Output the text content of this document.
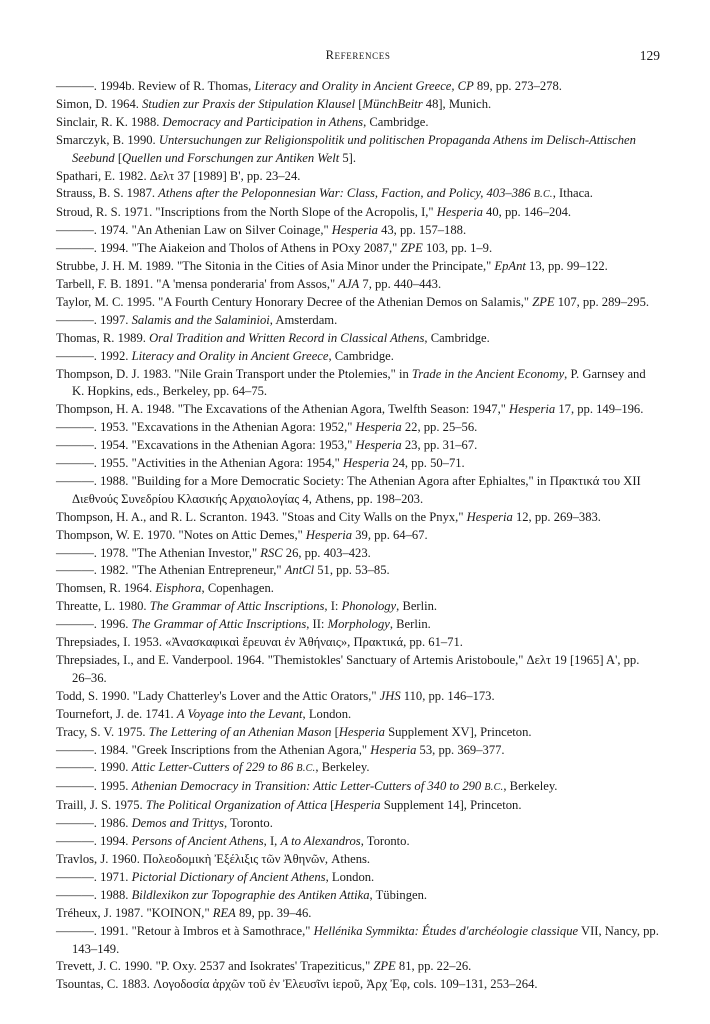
References	129

———. 1994b. Review of R. Thomas, Literacy and Orality in Ancient Greece, CP 89, pp. 273–278.

Simon, D. 1964. Studien zur Praxis der Stipulation Klausel [MünchBeitr 48], Munich.

Sinclair, R. K. 1988. Democracy and Participation in Athens, Cambridge.

Smarczyk, B. 1990. Untersuchungen zur Religionspolitik und politischen Propaganda Athens im Delisch-Attischen Seebund [Quellen und Forschungen zur Antiken Welt 5].

Spathari, E. 1982. Δελτ 37 [1989] Β', pp. 23–24.

Strauss, B. S. 1987. Athens after the Peloponnesian War: Class, Faction, and Policy, 403–386 B.C., Ithaca.

Stroud, R. S. 1971. "Inscriptions from the North Slope of the Acropolis, I," Hesperia 40, pp. 146–204.

———. 1974. "An Athenian Law on Silver Coinage," Hesperia 43, pp. 157–188.

———. 1994. "The Aiakeion and Tholos of Athens in POxy 2087," ZPE 103, pp. 1–9.

Strubbe, J. H. M. 1989. "The Sitonia in the Cities of Asia Minor under the Principate," EpAnt 13, pp. 99–122.

Tarbell, F. B. 1891. "A 'mensa ponderaria' from Assos," AJA 7, pp. 440–443.

Taylor, M. C. 1995. "A Fourth Century Honorary Decree of the Athenian Demos on Salamis," ZPE 107, pp. 289–295.

———. 1997. Salamis and the Salaminioi, Amsterdam.

Thomas, R. 1989. Oral Tradition and Written Record in Classical Athens, Cambridge.

———. 1992. Literacy and Orality in Ancient Greece, Cambridge.

Thompson, D. J. 1983. "Nile Grain Transport under the Ptolemies," in Trade in the Ancient Economy, P. Garnsey and K. Hopkins, eds., Berkeley, pp. 64–75.

Thompson, H. A. 1948. "The Excavations of the Athenian Agora, Twelfth Season: 1947," Hesperia 17, pp. 149–196.

———. 1953. "Excavations in the Athenian Agora: 1952," Hesperia 22, pp. 25–56.

———. 1954. "Excavations in the Athenian Agora: 1953," Hesperia 23, pp. 31–67.

———. 1955. "Activities in the Athenian Agora: 1954," Hesperia 24, pp. 50–71.

———. 1988. "Building for a More Democratic Society: The Athenian Agora after Ephialtes," in Πρακτικά του XII Διεθνούς Συνεδρίου Κλασικής Αρχαιολογίας 4, Athens, pp. 198–203.

Thompson, H. A., and R. L. Scranton. 1943. "Stoas and City Walls on the Pnyx," Hesperia 12, pp. 269–383.

Thompson, W. E. 1970. "Notes on Attic Demes," Hesperia 39, pp. 64–67.

———. 1978. "The Athenian Investor," RSC 26, pp. 403–423.

———. 1982. "The Athenian Entrepreneur," AntCl 51, pp. 53–85.

Thomsen, R. 1964. Eisphora, Copenhagen.

Threatte, L. 1980. The Grammar of Attic Inscriptions, I: Phonology, Berlin.

———. 1996. The Grammar of Attic Inscriptions, II: Morphology, Berlin.

Threpsiades, I. 1953. «Ἀνασκαφικαὶ ἔρευναι ἐν Ἀθήναις», Πρακτικά, pp. 61–71.

Threpsiades, I., and E. Vanderpool. 1964. "Themistokles' Sanctuary of Artemis Aristoboule," Δελτ 19 [1965] Α', pp. 26–36.

Todd, S. 1990. "Lady Chatterley's Lover and the Attic Orators," JHS 110, pp. 146–173.

Tournefort, J. de. 1741. A Voyage into the Levant, London.

Tracy, S. V. 1975. The Lettering of an Athenian Mason [Hesperia Supplement XV], Princeton.

———. 1984. "Greek Inscriptions from the Athenian Agora," Hesperia 53, pp. 369–377.

———. 1990. Attic Letter-Cutters of 229 to 86 B.C., Berkeley.

———. 1995. Athenian Democracy in Transition: Attic Letter-Cutters of 340 to 290 B.C., Berkeley.

Traill, J. S. 1975. The Political Organization of Attica [Hesperia Supplement 14], Princeton.

———. 1986. Demos and Trittys, Toronto.

———. 1994. Persons of Ancient Athens, I, A to Alexandros, Toronto.

Travlos, J. 1960. Πολεοδομικὴ Ἐξέλιξις τῶν Ἀθηνῶν, Athens.

———. 1971. Pictorial Dictionary of Ancient Athens, London.

———. 1988. Bildlexikon zur Topographie des Antiken Attika, Tübingen.

Tréheux, J. 1987. "KOINON," REA 89, pp. 39–46.

———. 1991. "Retour à Imbros et à Samothrace," Hellénika Symmikta: Études d'archéologie classique VII, Nancy, pp. 143–149.

Trevett, J. C. 1990. "P. Oxy. 2537 and Isokrates' Trapeziticus," ZPE 81, pp. 22–26.

Tsountas, C. 1883. Λογοδοσία ἀρχῶν τοῦ ἐν Ἐλευσῖνι ἱεροῦ, Ἀρχ Ἐφ, cols. 109–131, 253–264.
